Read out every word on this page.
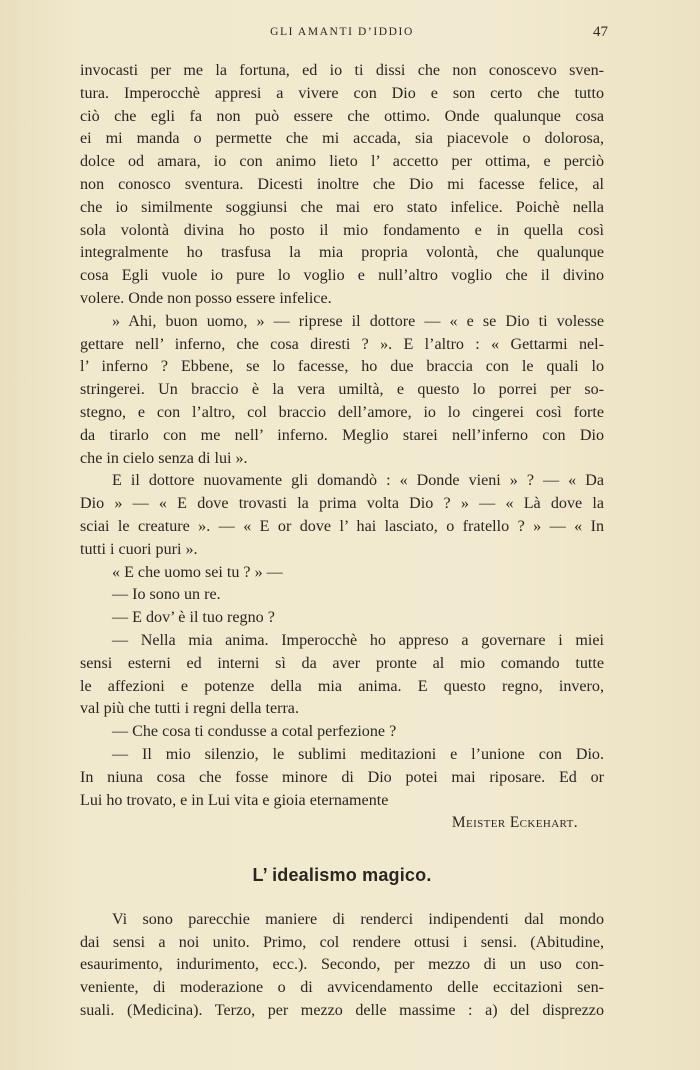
GLI AMANTI D’IDDIO	47
invocasti per me la fortuna, ed io ti dissi che non conoscevo sven-
tura. Imperocchè appresi a vivere con Dio e son certo che tutto
ciò che egli fa non può essere che ottimo. Onde qualunque cosa
ei mi manda o permette che mi accada, sia piacevole o dolorosa,
dolce od amara, io con animo lieto l’ accetto per ottima, e perciò
non conosco sventura. Dicesti inoltre che Dio mi facesse felice, al
che io similmente soggiunsi che mai ero stato infelice. Poichè nella
sola volontà divina ho posto il mio fondamento e in quella così
integralmente ho trasfusa la mia propria volontà, che qualunque
cosa Egli vuole io pure lo voglio e null’altro voglio che il divino
volere. Onde non posso essere infelice.
» Ahi, buon uomo, » — riprese il dottore — « e se Dio ti volesse
gettare nell’ inferno, che cosa diresti ? ». E l’altro : « Gettarmi nel-
l’ inferno ? Ebbene, se lo facesse, ho due braccia con le quali lo
stringerei. Un braccio è la vera umiltà, e questo lo porrei per so-
stegno, e con l’altro, col braccio dell’amore, io lo cingerei così forte
da tirarlo con me nell’ inferno. Meglio starei nell’inferno con Dio
che in cielo senza di lui ».
E il dottore nuovamente gli domandò : « Donde vieni » ? — « Da
Dio » — « E dove trovasti la prima volta Dio ? » — « Là dove la
sciai le creature ». — « E or dove l’ hai lasciato, o fratello ? » — « In
tutti i cuori puri ».
« E che uomo sei tu ? » —
— Io sono un re.
— E dov’ è il tuo regno ?
— Nella mia anima. Imperocchè ho appreso a governare i miei
sensi esterni ed interni sì da aver pronte al mio comando tutte
le affezioni e potenze della mia anima. E questo regno, invero,
val più che tutti i regni della terra.
— Che cosa ti condusse a cotal perfezione ?
— Il mio silenzio, le sublimi meditazioni e l’unione con Dio.
In niuna cosa che fosse minore di Dio potei mai riposare. Ed or
Lui ho trovato, e in Lui vita e gioia eternamente
Meister Eckehart.
L’ idealismo magico.
Vi sono parecchie maniere di renderci indipendenti dal mondo
dai sensi a noi unito. Primo, col rendere ottusi i sensi. (Abitudine,
esaurimento, indurimento, ecc.). Secondo, per mezzo di un uso con-
veniente, di moderazione o di avvicendamento delle eccitazioni sen-
suali. (Medicina). Terzo, per mezzo delle massime : a) del disprezzo
